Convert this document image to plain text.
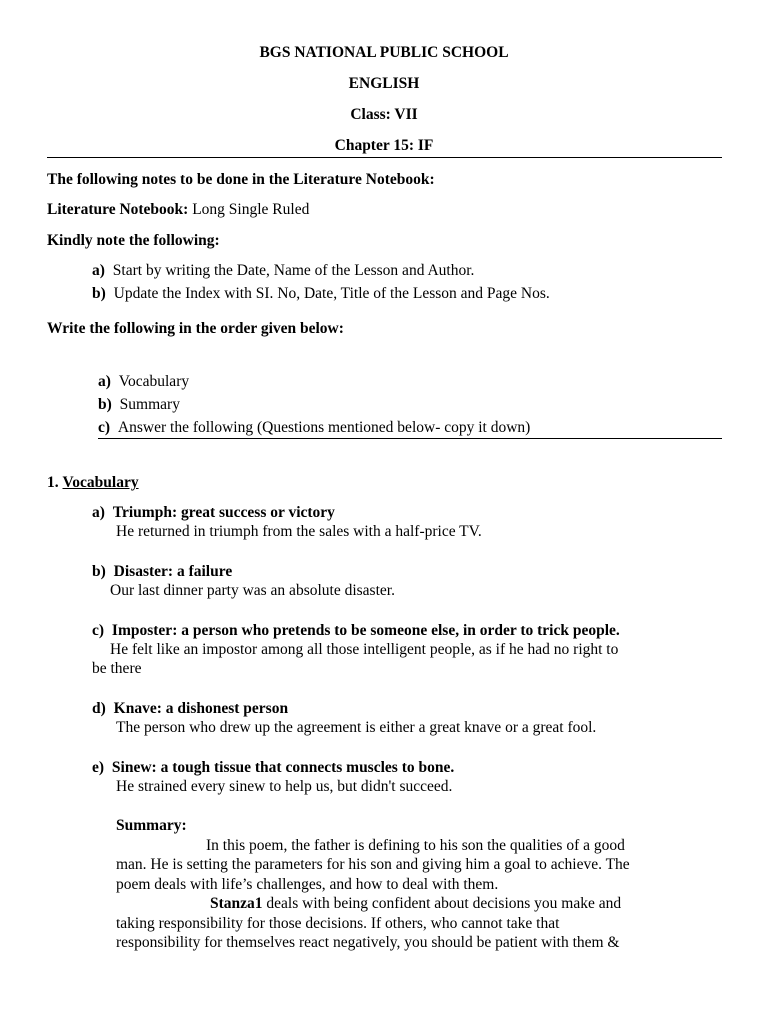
BGS NATIONAL PUBLIC SCHOOL
ENGLISH
Class: VII
Chapter 15: IF
The following notes to be done in the Literature Notebook:
Literature Notebook: Long Single Ruled
Kindly note the following:
a) Start by writing the Date, Name of the Lesson and Author.
b) Update the Index with SI. No, Date, Title of the Lesson and Page Nos.
Write the following in the order given below:
a) Vocabulary
b) Summary
c) Answer the following (Questions mentioned below- copy it down)
1. Vocabulary
a) Triumph: great success or victory
He returned in triumph from the sales with a half-price TV.
b) Disaster: a failure
Our last dinner party was an absolute disaster.
c) Imposter: a person who pretends to be someone else, in order to trick people.
He felt like an impostor among all those intelligent people, as if he had no right to
be there
d) Knave: a dishonest person
The person who drew up the agreement is either a great knave or a great fool.
e) Sinew: a tough tissue that connects muscles to bone.
He strained every sinew to help us, but didn't succeed.
Summary:
In this poem, the father is defining to his son the qualities of a good
man. He is setting the parameters for his son and giving him a goal to achieve. The
poem deals with life’s challenges, and how to deal with them.
Stanza1 deals with being confident about decisions you make and
taking responsibility for those decisions. If others, who cannot take that
responsibility for themselves react negatively, you should be patient with them &
